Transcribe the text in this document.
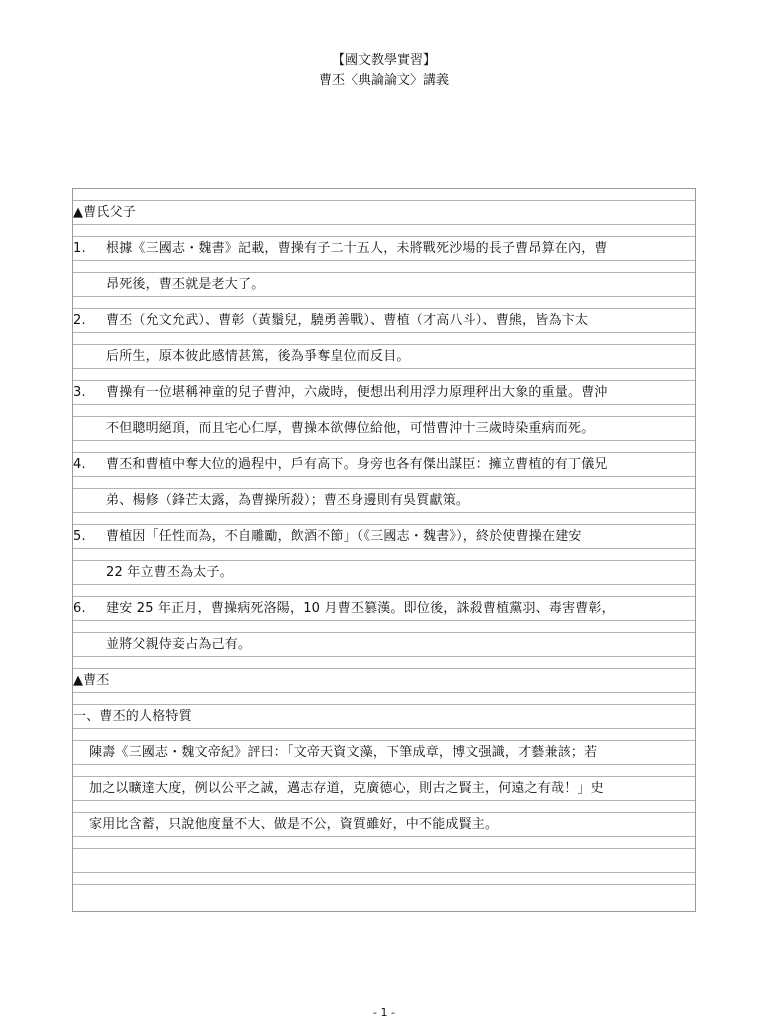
【國文教學實習】
曹丕〈典論論文〉講義
▲曹氏父子
1. 根據《三國志・魏書》記載，曹操有子二十五人，未將戰死沙場的長子曹昂算在內，曹
昂死後，曹丕就是老大了。
2. 曹丕（允文允武）、曹彰（黃鬚兒，驍勇善戰）、曹植（才高八斗）、曹熊，皆為卞太
后所生，原本彼此感情甚篤，後為爭奪皇位而反目。
3. 曹操有一位堪稱神童的兒子曹沖，六歲時，便想出利用浮力原理秤出大象的重量。曹沖
不但聰明絕頂，而且宅心仁厚，曹操本欲傳位給他，可惜曹沖十三歲時染重病而死。
4. 曹丕和曹植中奪大位的過程中，戶有高下。身旁也各有傑出謀臣：擁立曹植的有丁儀兄
弟、楊修（鋒芒太露，為曹操所殺）；曹丕身邊則有吳質獻策。
5. 曹植因「任性而為，不自雕勵，飲酒不節」（《三國志・魏書》），終於使曹操在建安
22 年立曹丕為太子。
6. 建安 25 年正月，曹操病死洛陽，10 月曹丕篡漢。即位後，誅殺曹植黨羽、毒害曹彰，
並將父親侍妾占為己有。
▲曹丕
一、曹丕的人格特質
陳壽《三國志・魏文帝紀》評曰：「文帝天資文藻，下筆成章，博文强識，才藝兼該；若
加之以曠達大度，例以公平之誠，邁志存道，克廣德心，則古之賢主，何遠之有哉！」史
家用比含蓄，只說他度量不大、做是不公，資質雖好，中不能成賢主。
- 1 -
